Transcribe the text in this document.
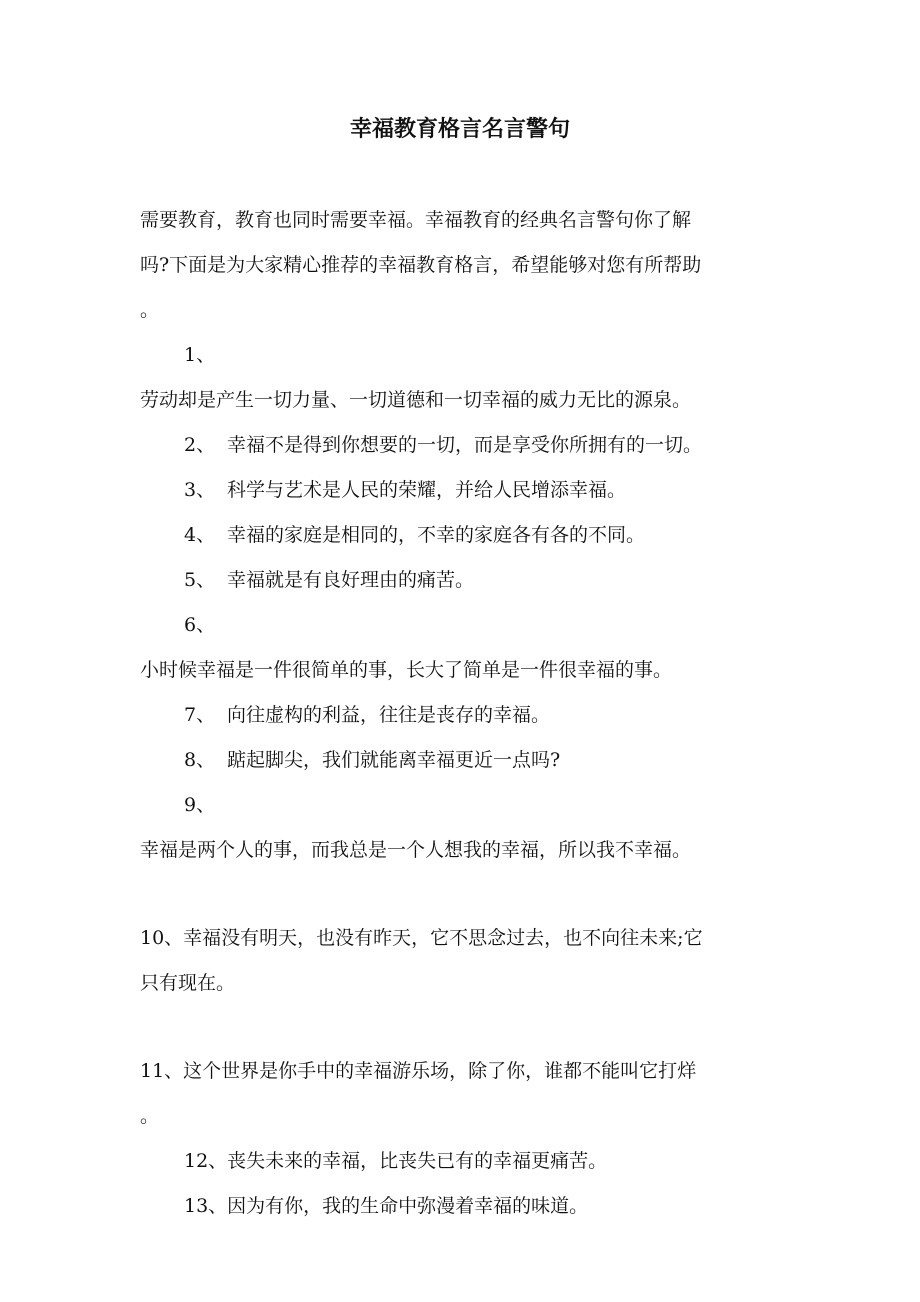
幸福教育格言名言警句

需要教育，教育也同时需要幸福。幸福教育的经典名言警句你了解

吗?下面是为大家精心推荐的幸福教育格言，希望能够对您有所帮助

。

1、

劳动却是产生一切力量、一切道德和一切幸福的威力无比的源泉。

2、 幸福不是得到你想要的一切，而是享受你所拥有的一切。

3、 科学与艺术是人民的荣耀，并给人民增添幸福。

4、 幸福的家庭是相同的，不幸的家庭各有各的不同。

5、 幸福就是有良好理由的痛苦。

6、

小时候幸福是一件很简单的事，长大了简单是一件很幸福的事。

7、 向往虚构的利益，往往是丧存的幸福。

8、 踮起脚尖，我们就能离幸福更近一点吗?

9、

幸福是两个人的事，而我总是一个人想我的幸福，所以我不幸福。

10、幸福没有明天，也没有昨天，它不思念过去，也不向往未来;它

只有现在。

11、这个世界是你手中的幸福游乐场，除了你，谁都不能叫它打烊

。

12、丧失未来的幸福，比丧失已有的幸福更痛苦。

13、因为有你，我的生命中弥漫着幸福的味道。
